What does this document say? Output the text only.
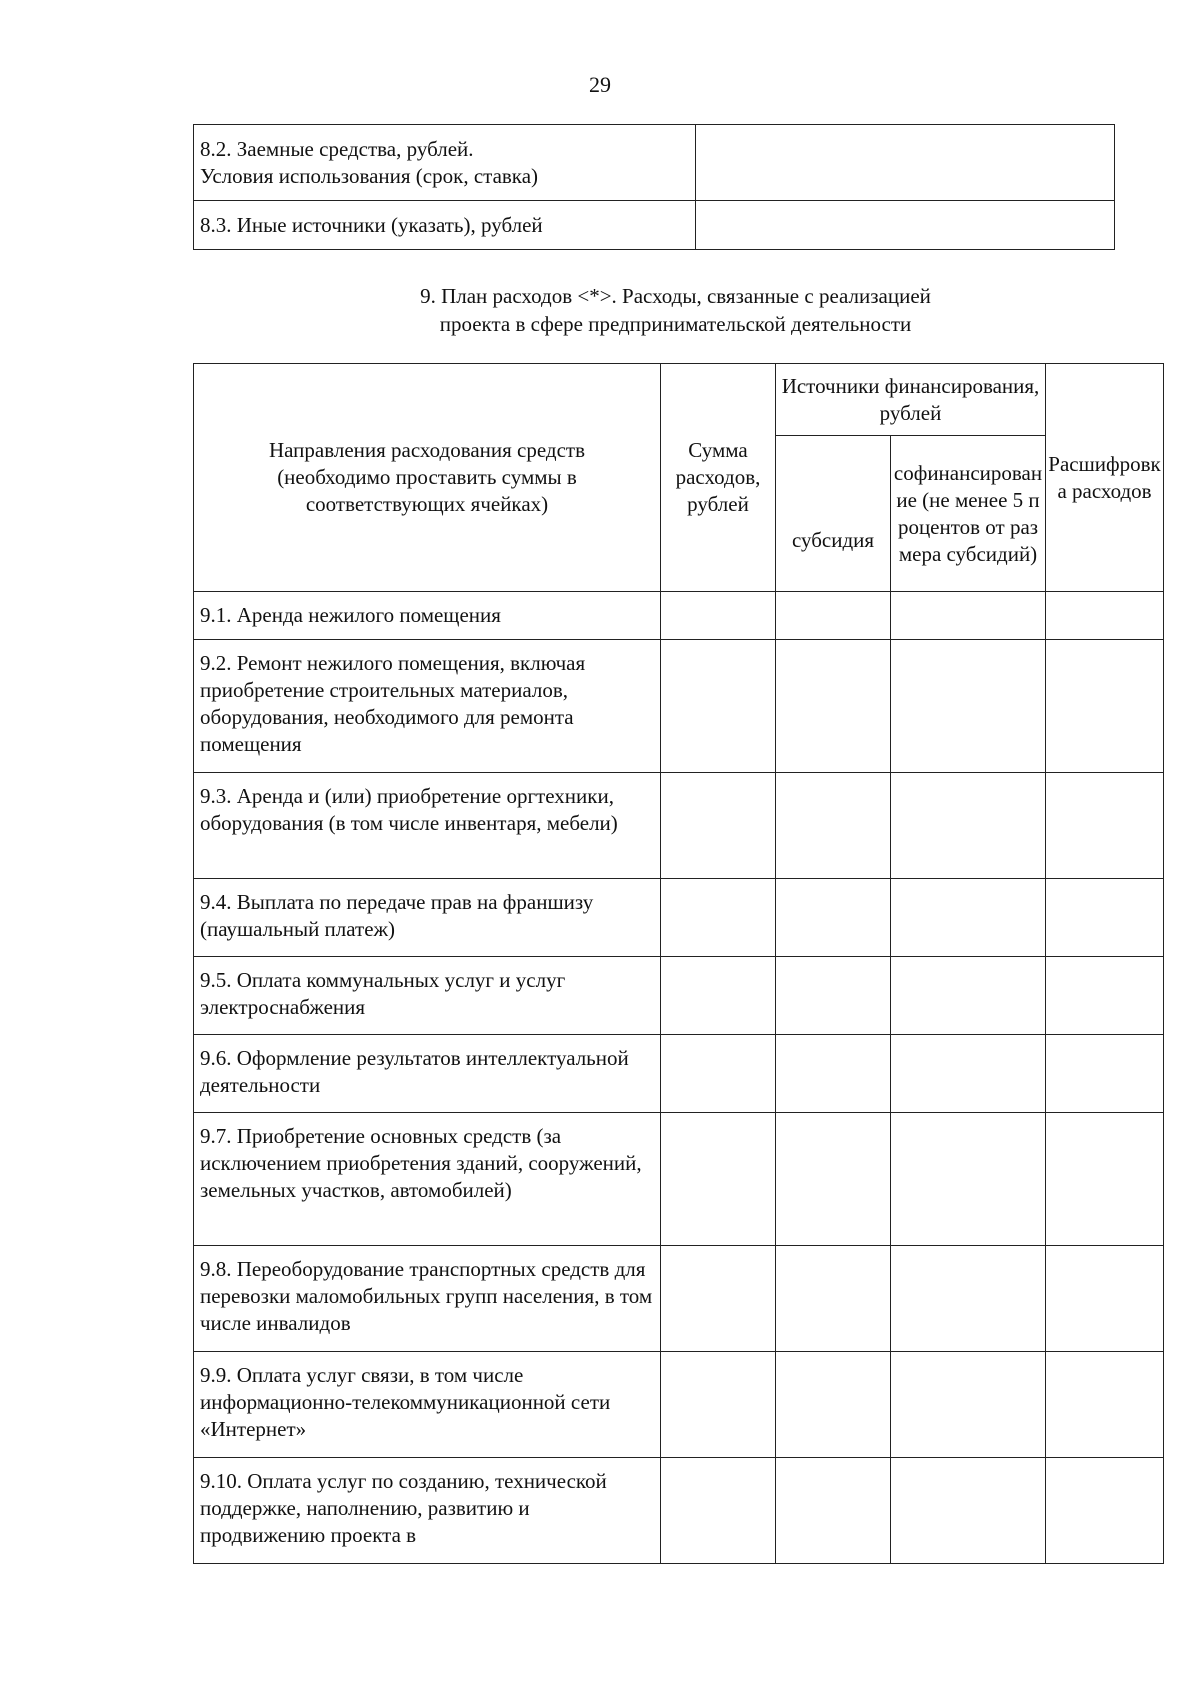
29
8.2. Заемные средства, рублей.
Условия использования (срок, ставка)	

8.3. Иные источники (указать), рублей	
9. План расходов <*>. Расходы, связанные с реализацией
проекта в сфере предпринимательской деятельности
Направления расходования средств (необходимо проставить суммы в соответствующих ячейках)	Сумма расходов, рублей	Источники финансирования, рублей		Расшифровка расходов
		субсидия	софинансирование (не менее 5 процентов от размера субсидий)	
9.1. Аренда нежилого помещения				
9.2. Ремонт нежилого помещения, включая приобретение строительных материалов, оборудования, необходимого для ремонта помещения				
9.3. Аренда и (или) приобретение оргтехники, оборудования (в том числе инвентаря, мебели)				
9.4. Выплата по передаче прав на франшизу (паушальный платеж)				
9.5. Оплата коммунальных услуг и услуг электроснабжения				
9.6. Оформление результатов интеллектуальной деятельности				
9.7. Приобретение основных средств (за исключением приобретения зданий, сооружений, земельных участков, автомобилей)				
9.8. Переоборудование транспортных средств для перевозки маломобильных групп населения, в том числе инвалидов				
9.9. Оплата услуг связи, в том числе информационно-телекоммуникационной сети «Интернет»				
9.10. Оплата услуг по созданию, технической поддержке, наполнению, развитию и продвижению проекта в				
